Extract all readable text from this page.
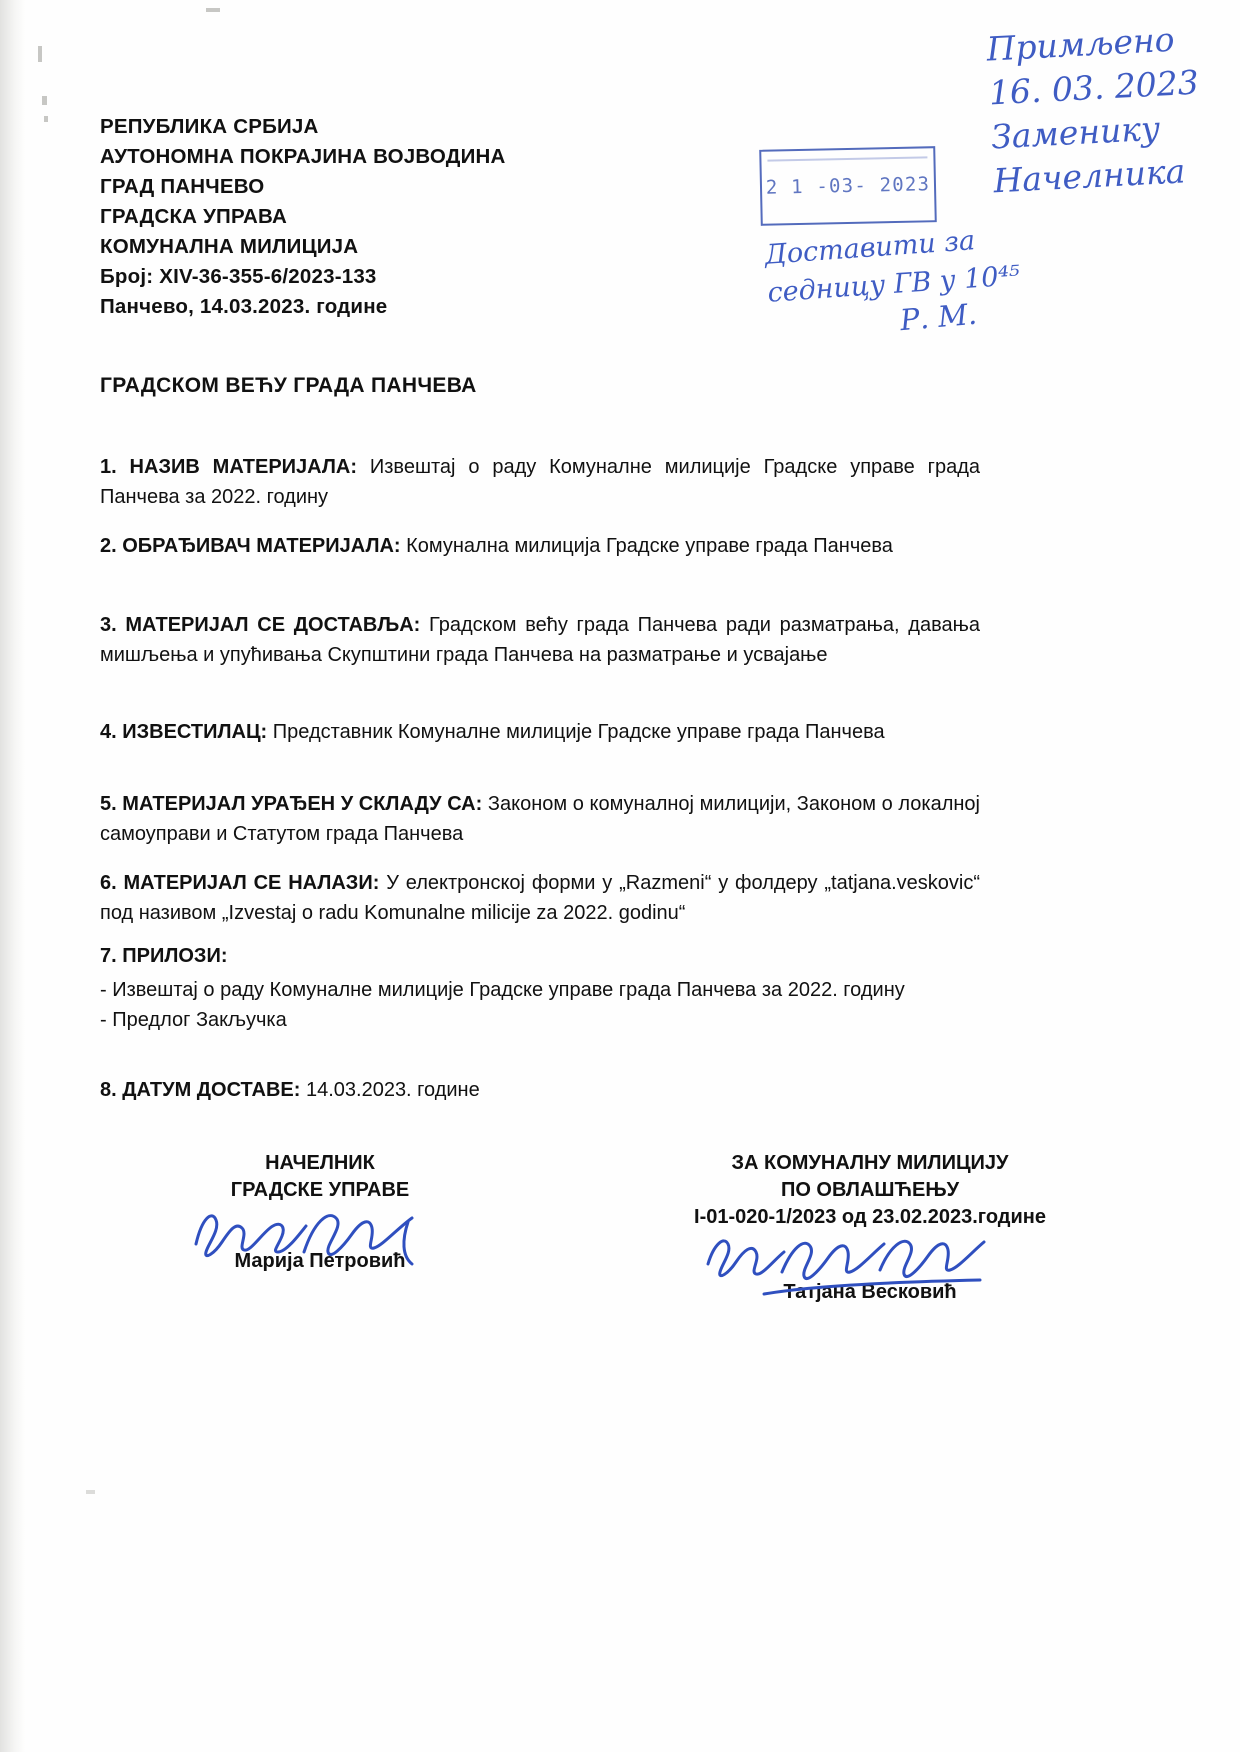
РЕПУБЛИКА СРБИЈА
АУТОНОМНА ПОКРАЈИНА ВОЈВОДИНА
ГРАД ПАНЧЕВО
ГРАДСКА УПРАВА
КОМУНАЛНА МИЛИЦИЈА
Број: XIV-36-355-6/2023-133
Панчево, 14.03.2023. године
2 1 -03- 2023
Примљено
16. 03. 2023
Заменику
Начелника
Доставити за
седницу ГВ у 10⁴⁵
Р. М.
ГРАДСКОМ ВЕЋУ ГРАДА ПАНЧЕВА
1. НАЗИВ МАТЕРИЈАЛА: Извештај о раду Комуналне милиције Градске управе града Панчева за 2022. годину
2. ОБРАЂИВАЧ МАТЕРИЈАЛА: Комунална милиција Градске управе града Панчева
3. МАТЕРИЈАЛ СЕ ДОСТАВЉА: Градском већу града Панчева ради разматрања, давања мишљења и упућивања Скупштини града Панчева на разматрање и усвајање
4. ИЗВЕСТИЛАЦ: Представник Комуналне милиције Градске управе града Панчева
5. МАТЕРИЈАЛ УРАЂЕН У СКЛАДУ СА: Законом о комуналној милицији, Законом о локалној самоуправи и Статутом града Панчева
6. МАТЕРИЈАЛ СЕ НАЛАЗИ: У електронској форми у „Razmeni“ у фолдеру „tatjana.veskovic“ под називом „Izvestaj o radu Komunalne milicije za 2022. godinu“
7. ПРИЛОЗИ:
- Извештај о раду Комуналне милиције Градске управе града Панчева за 2022. годину
- Предлог Закључка
8. ДАТУМ ДОСТАВЕ: 14.03.2023. године
НАЧЕЛНИК
ГРАДСКЕ УПРАВЕ
Марија Петровић
ЗА КОМУНАЛНУ МИЛИЦИЈУ
ПО ОВЛАШЋЕЊУ
I-01-020-1/2023 од 23.02.2023.године
Татјана Весковић
